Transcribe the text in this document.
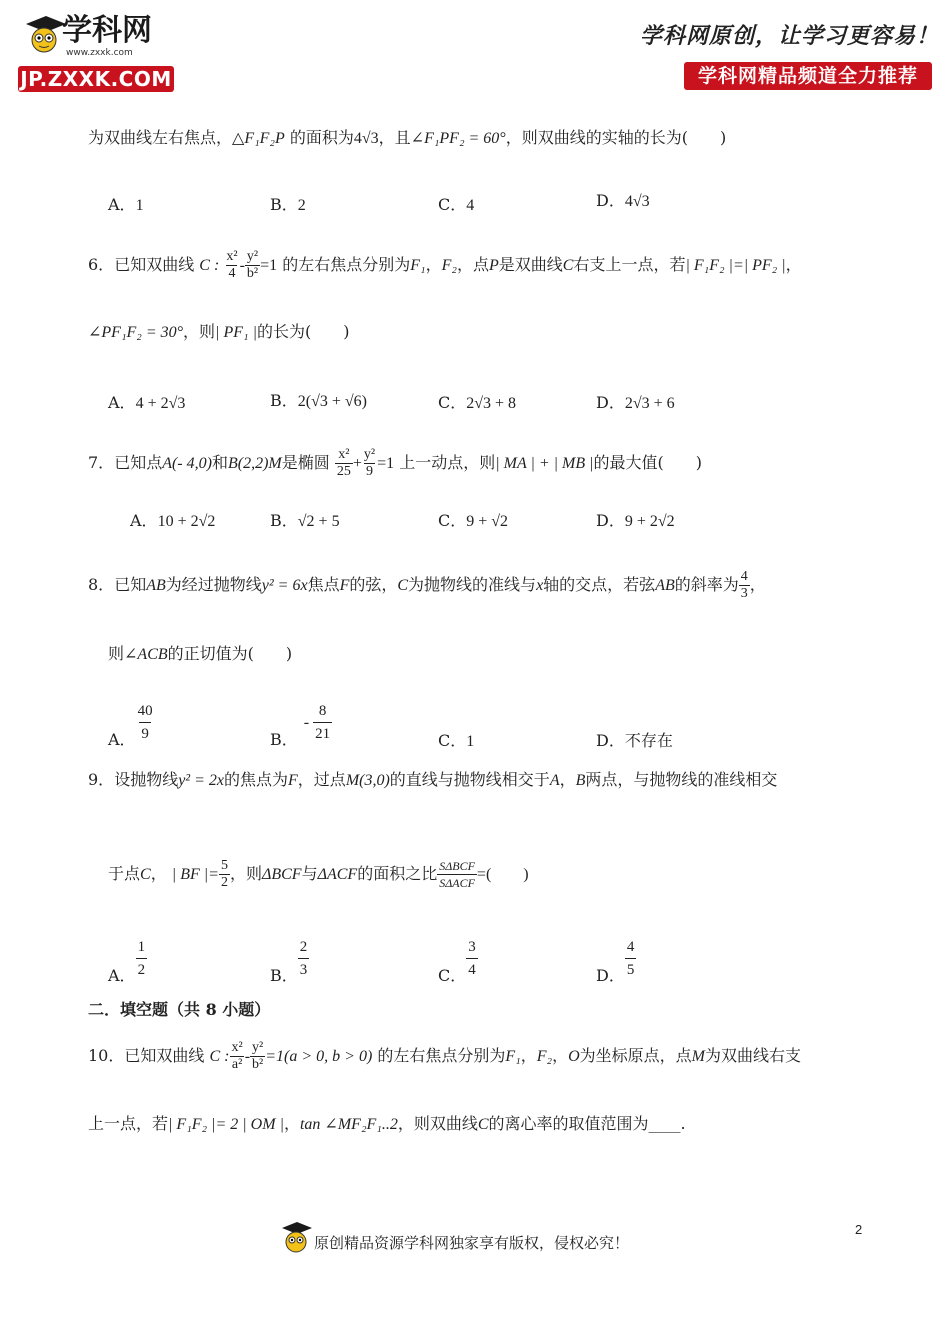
学科网
www.zxxk.com
JP.ZXXK.COM
学科网原创，让学习更容易！
学科网精品频道全力推荐
为双曲线左右焦点，△F₁F₂P 的面积为4√3，且∠F₁PF₂ = 60°，则双曲线的实轴的长为(　　)
A．1	B．2	C．4	D．4√3
6．已知双曲线 C : $\frac{\text{x²}}{4} - \frac{\text{y²}}{\text{b²}} =1$ 的左右焦点分别为F₁，F₂，点P是双曲线C右支上一点，若| F₁F₂ |=| PF₂ |，
∠PF₁F₂ = 30°，则| PF₁ |的长为(　　)
A．4 + 2√3	B．2(√3 + √6)	C．2√3 + 8	D．2√3 + 6
7．已知点A(- 4,0)和B(2,2)M是椭圆 $\frac{\text{x²}}{25} + \frac{\text{y²}}{9} =1$ 上一动点，则| MA | + | MB |的最大值(　　)
A．10 + 2√2	B．√2 + 5	C．9 + √2	D．9 + 2√2
8．已知AB为经过抛物线y² = 6x焦点F的弦，C为抛物线的准线与x轴的交点，若弦AB的斜率为 $\frac{4}{3}$ ，
则∠ACB的正切值为(　　)
A． $\frac{40}{9}$	B．- $\frac{8}{21}$	C．1	D．不存在
9．设抛物线y² = 2x的焦点为F，过点M(3,0)的直线与抛物线相交于A，B两点，与抛物线的准线相交
于点C， | BF |= $\frac{5}{2}$ ，则ΔBCF与ΔACF的面积之比 $\frac{\text{SΔBCF}}{\text{SΔACF}}$ =(　　)
A． $\frac{1}{2}$	B． $\frac{2}{3}$	C． $\frac{3}{4}$	D． $\frac{4}{5}$
二．填空题（共 8 小题）
10．已知双曲线 C : $\frac{\text{x²}}{\text{a²}} - \frac{\text{y²}}{\text{b²}} =1(a > 0$, b > 0) 的左右焦点分别为F₁，F₂，O为坐标原点，点M为双曲线右支
上一点，若| F₁F₂ |= 2 | OM |，tan ∠MF₂F₁..2，则双曲线C的离心率的取值范围为____.
原创精品资源学科网独家享有版权，侵权必究！
2
